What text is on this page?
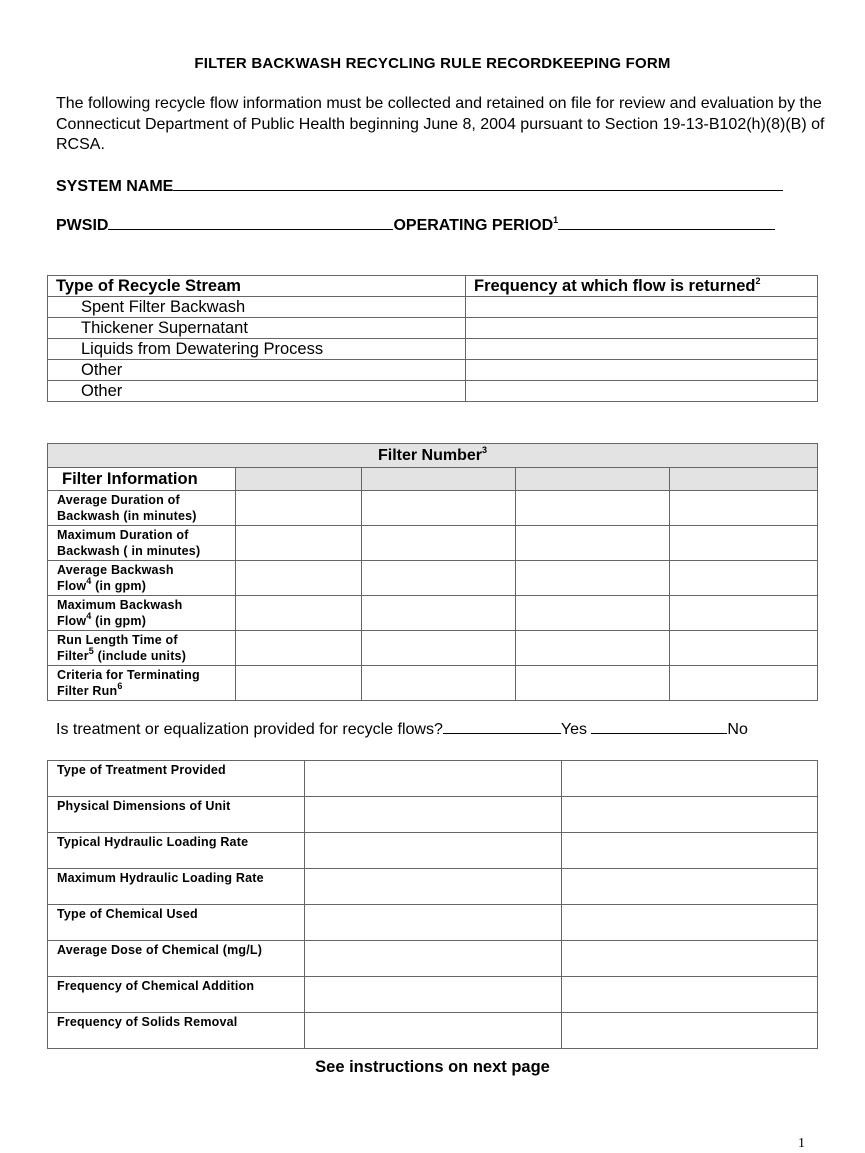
FILTER BACKWASH RECYCLING RULE RECORDKEEPING FORM
The following recycle flow information must be collected and retained on file for review and evaluation by the Connecticut Department of Public Health beginning June 8, 2004 pursuant to Section 19-13-B102(h)(8)(B) of RCSA.
SYSTEM NAME
PWSID	OPERATING PERIOD$^1$
Type of Recycle Stream	Frequency at which flow is returned$^2$
Spent Filter Backwash	
Thickener Supernatant	
Liquids from Dewatering Process	
Other	
Other	
Filter Number$^3$
Filter Information				
Average Duration of
Backwash (in minutes)				
Maximum Duration of
Backwash ( in minutes)				
Average Backwash
Flow$^4$ (in gpm)				
Maximum Backwash
Flow$^4$ (in gpm)				
Run Length Time of
Filter$^5$ (include units)				
Criteria for Terminating
Filter Run$^6$				
Is treatment or equalization provided for recycle flows?	Yes	No
Type of Treatment Provided		
Physical Dimensions of Unit		
Typical Hydraulic Loading Rate		
Maximum Hydraulic Loading Rate		
Type of Chemical Used		
Average Dose of Chemical (mg/L)		
Frequency of Chemical Addition		
Frequency of Solids Removal		
See instructions on next page
1
